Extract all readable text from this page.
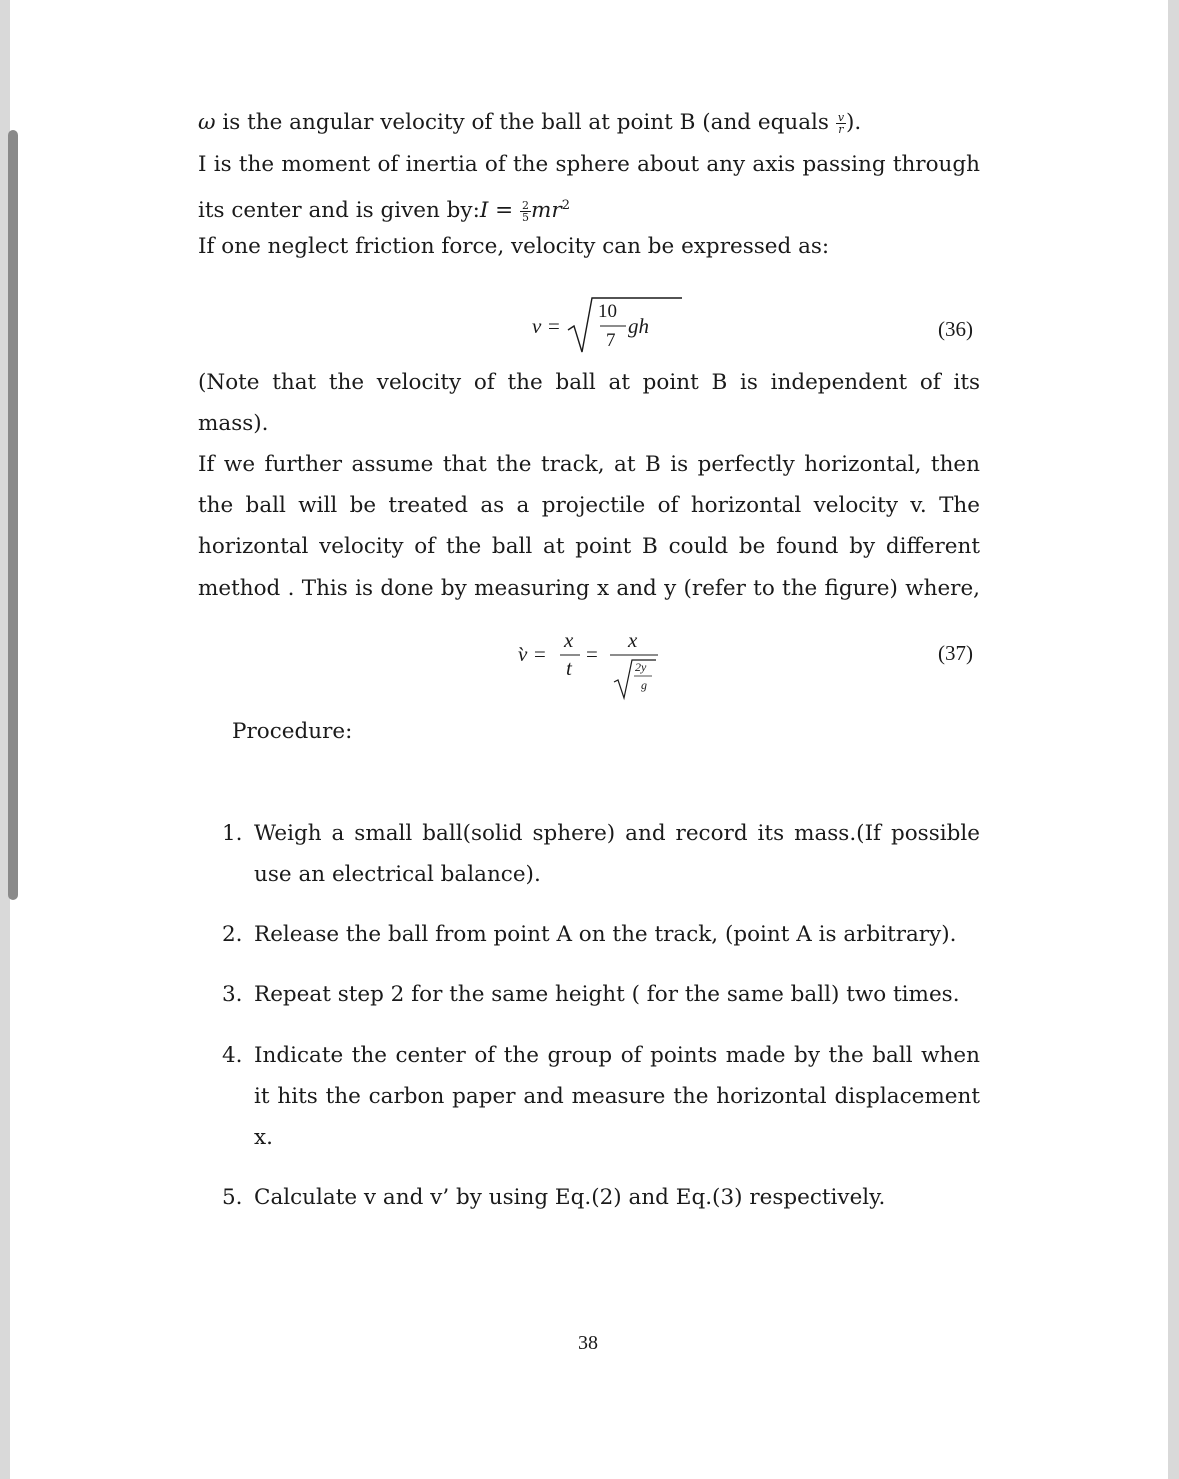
ω is the angular velocity of the ball at point B (and equals $\frac{v}{r}$ ).
I is the moment of inertia of the sphere about any axis passing through
its center and is given by:I = $\frac{2}{5} mr^2$
If one neglect friction force, velocity can be expressed as:
v =
10
7
gh	(36)
(Note that the velocity of the ball at point B is independent of its
mass).
If we further assume that the track, at B is perfectly horizontal, then
the ball will be treated as a projectile of horizontal velocity v. The
horizontal velocity of the ball at point B could be found by different
method . This is done by measuring x and y (refer to the figure) where,
v̀ =
x
t
=
x
2y
g
(37)
Procedure:
1. Weigh a small ball(solid sphere) and record its mass.(If possible
use an electrical balance).
2. Release the ball from point A on the track, (point A is arbitrary).
3. Repeat step 2 for the same height ( for the same ball) two times.
4. Indicate the center of the group of points made by the ball when
it hits the carbon paper and measure the horizontal displacement
x.
5. Calculate v and v’ by using Eq.(2) and Eq.(3) respectively.
38
